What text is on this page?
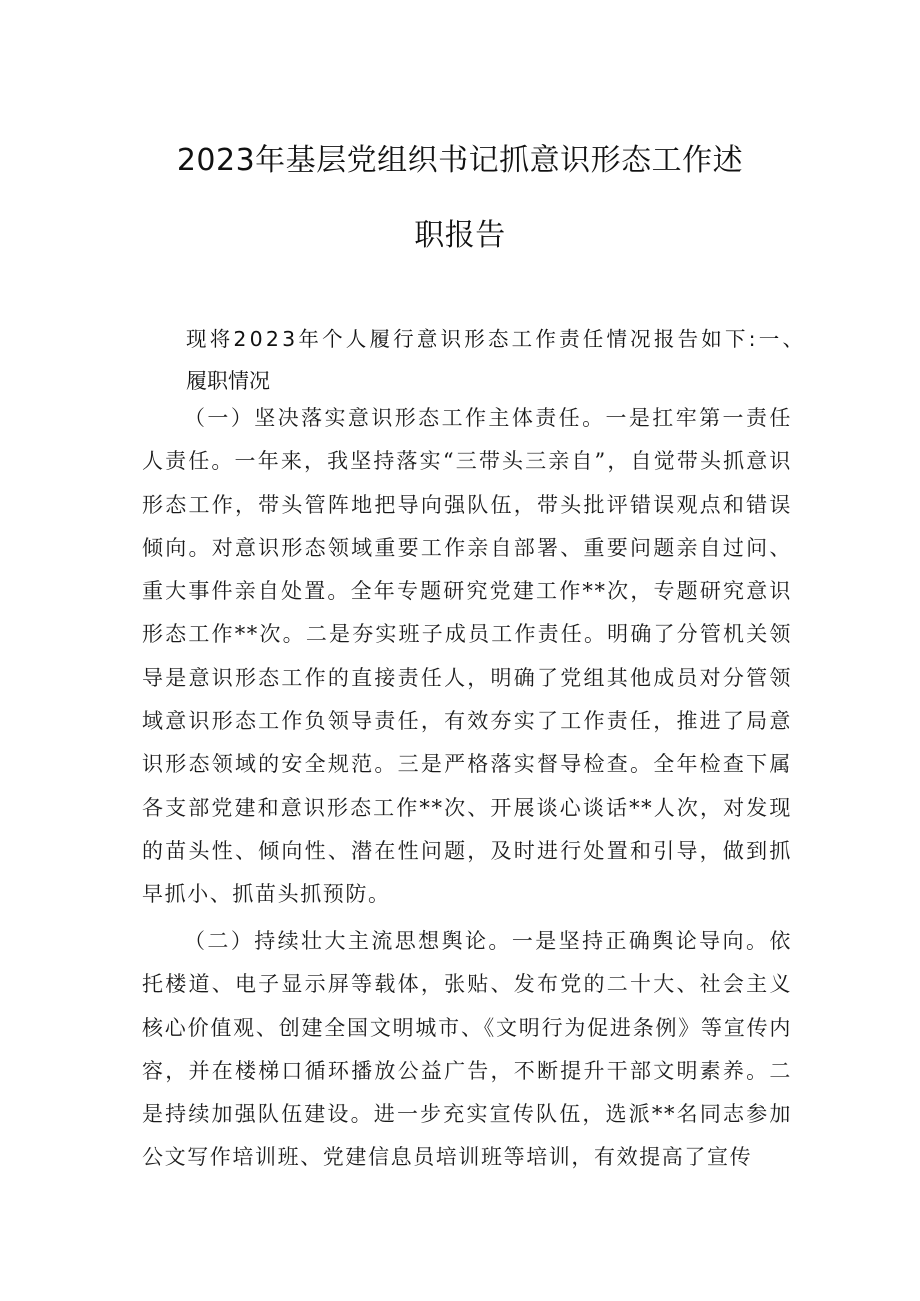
2023年基层党组织书记抓意识形态工作述
职报告

现将2023年个人履行意识形态工作责任情况报告如下:一、

履职情况

（一）坚决落实意识形态工作主体责任。一是扛牢第一责任人责任。一年来，我坚持落实“三带头三亲自”，自觉带头抓意识形态工作，带头管阵地把导向强队伍，带头批评错误观点和错误倾向。对意识形态领域重要工作亲自部署、重要问题亲自过问、重大事件亲自处置。全年专题研究党建工作**次，专题研究意识形态工作**次。二是夯实班子成员工作责任。明确了分管机关领导是意识形态工作的直接责任人，明确了党组其他成员对分管领域意识形态工作负领导责任，有效夯实了工作责任，推进了局意识形态领域的安全规范。三是严格落实督导检查。全年检查下属各支部党建和意识形态工作**次、开展谈心谈话**人次，对发现的苗头性、倾向性、潜在性问题，及时进行处置和引导，做到抓早抓小、抓苗头抓预防。

（二）持续壮大主流思想舆论。一是坚持正确舆论导向。依托楼道、电子显示屏等载体，张贴、发布党的二十大、社会主义核心价值观、创建全国文明城市、《文明行为促进条例》等宣传内容，并在楼梯口循环播放公益广告，不断提升干部文明素养。二是持续加强队伍建设。进一步充实宣传队伍，选派**名同志参加公文写作培训班、党建信息员培训班等培训，有效提高了宣传
